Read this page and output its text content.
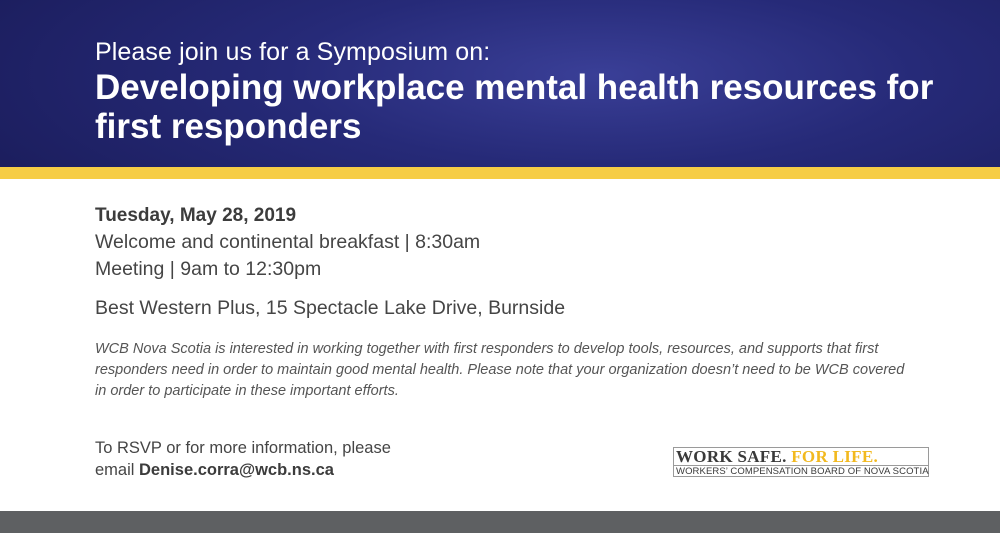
Please join us for a Symposium on:
Developing workplace mental health resources for first responders
Tuesday, May 28, 2019
Welcome and continental breakfast | 8:30am
Meeting | 9am to 12:30pm
Best Western Plus, 15 Spectacle Lake Drive, Burnside
WCB Nova Scotia is interested in working together with first responders to develop tools, resources, and supports that first responders need in order to maintain good mental health. Please note that your organization doesn’t need to be WCB covered in order to participate in these important efforts.
To RSVP or for more information, please
email Denise.corra@wcb.ns.ca
WORK SAFE. FOR LIFE.
WORKERS’ COMPENSATION BOARD OF NOVA SCOTIA
